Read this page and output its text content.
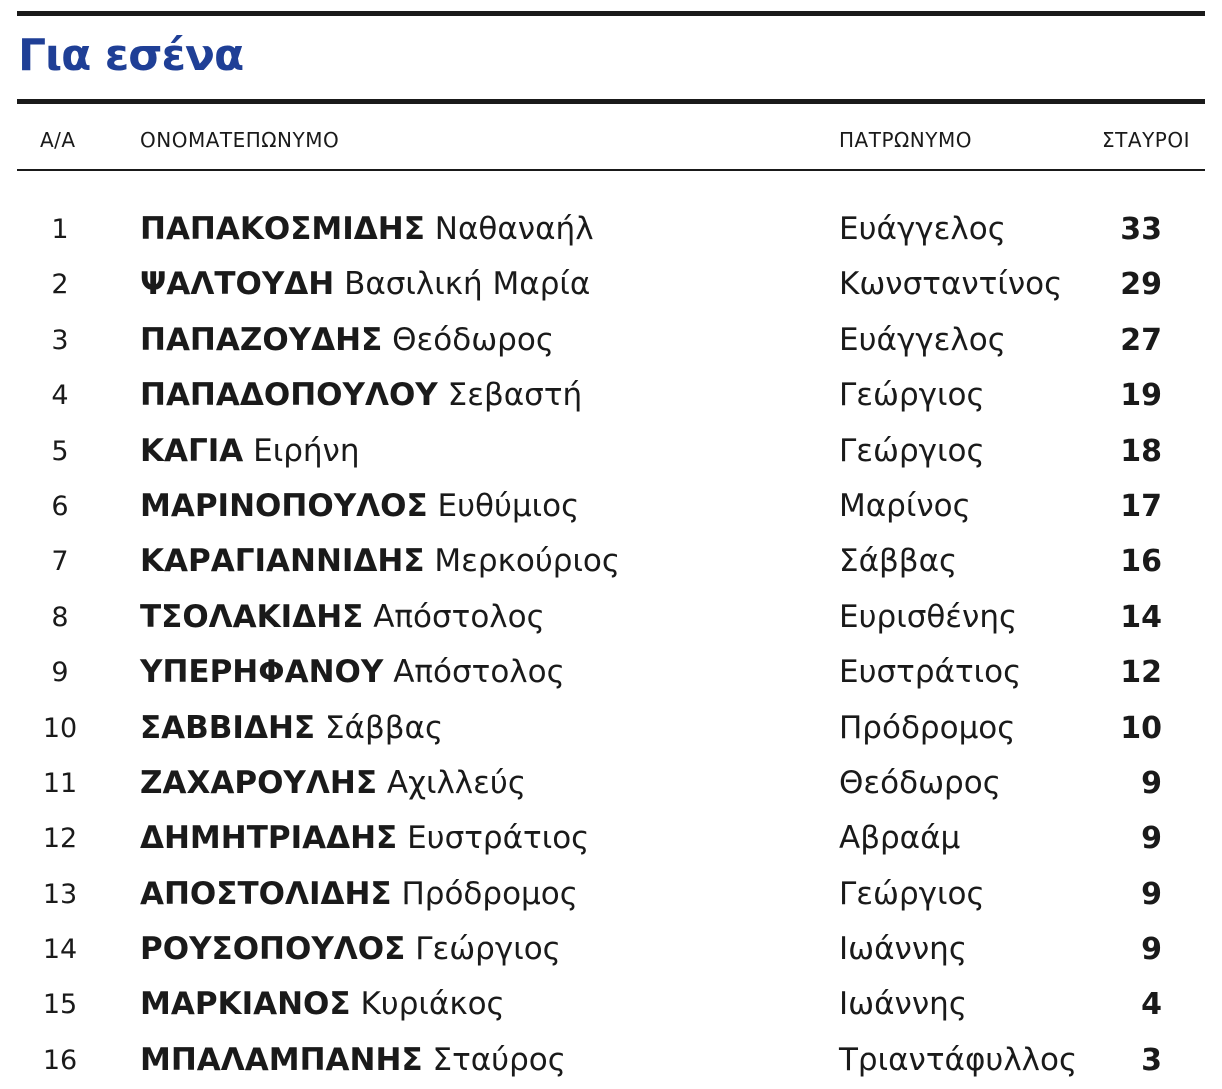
Για εσένα
Α/Α	ΟΝΟΜΑΤΕΠΩΝΥΜΟ	ΠΑΤΡΩΝΥΜΟ	ΣΤΑΥΡΟΙ
1	ΠΑΠΑΚΟΣΜΙΔΗΣ Ναθαναήλ	Ευάγγελος	33
2	ΨΑΛΤΟΥΔΗ Βασιλική Μαρία	Κωνσταντίνος 29
3	ΠΑΠΑΖΟΥΔΗΣ Θεόδωρος	Ευάγγελος	27
4	ΠΑΠΑΔΟΠΟΥΛΟΥ Σεβαστή	Γεώργιος	19
5	ΚΑΓΙΑ Ειρήνη	Γεώργιος	18
6	ΜΑΡΙΝΟΠΟΥΛΟΣ Ευθύμιος	Μαρίνος	17
7	ΚΑΡΑΓΙΑΝΝΙΔΗΣ Μερκούριος	Σάββας	16
8	ΤΣΟΛΑΚΙΔΗΣ Απόστολος	Ευρισθένης	14
9	ΥΠΕΡΗΦΑΝΟΥ Απόστολος	Ευστράτιος	12
10	ΣΑΒΒΙΔΗΣ Σάββας	Πρόδρομος	10
11	ΖΑΧΑΡΟΥΛΗΣ Αχιλλεύς	Θεόδωρος	9
12	ΔΗΜΗΤΡΙΑΔΗΣ Ευστράτιος	Αβραάμ	9
13	ΑΠΟΣΤΟΛΙΔΗΣ Πρόδρομος	Γεώργιος	9
14	ΡΟΥΣΟΠΟΥΛΟΣ Γεώργιος	Ιωάννης	9
15	ΜΑΡΚΙΑΝΟΣ Κυριάκος	Ιωάννης	4
16	ΜΠΑΛΑΜΠΑΝΗΣ Σταύρος	Τριαντάφυλλος 3
